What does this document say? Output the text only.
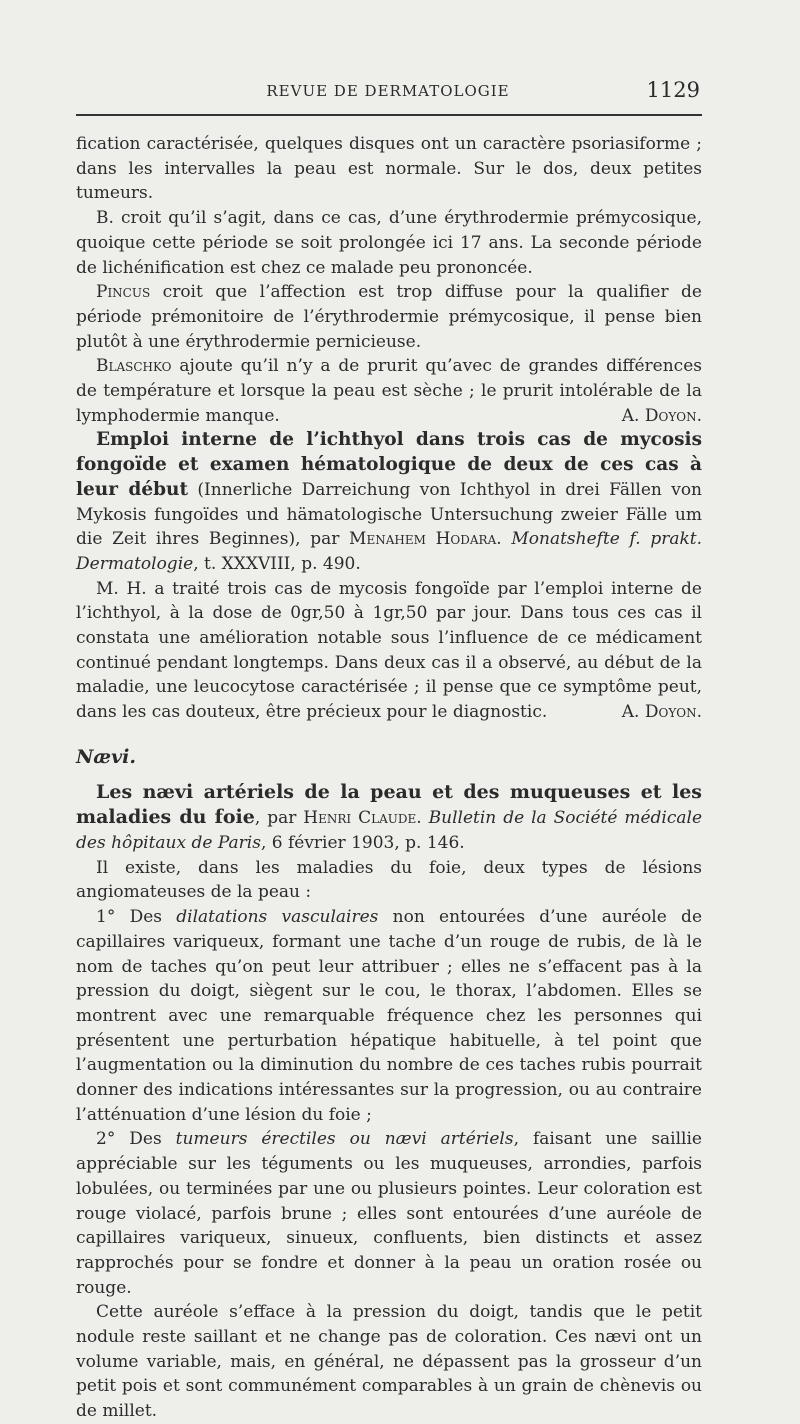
REVUE DE DERMATOLOGIE	1129

fication caractérisée, quelques disques ont un caractère psoriasiforme ; dans les intervalles la peau est normale. Sur le dos, deux petites tumeurs.

B. croit qu’il s’agit, dans ce cas, d’une érythrodermie prémycosique, quoique cette période se soit prolongée ici 17 ans. La seconde période de lichénification est chez ce malade peu prononcée.

Pincus croit que l’affection est trop diffuse pour la qualifier de période prémonitoire de l’érythrodermie prémycosique, il pense bien plutôt à une érythrodermie pernicieuse.

Blaschko ajoute qu’il n’y a de prurit qu’avec de grandes différences de température et lorsque la peau est sèche ; le prurit intolérable de la lymphodermie manque.	A. Doyon.

Emploi interne de l’ichthyol dans trois cas de mycosis fongoïde et examen hématologique de deux de ces cas à leur début (Innerliche Darreichung von Ichthyol in drei Fällen von Mykosis fungoïdes und hämatologische Untersuchung zweier Fälle um die Zeit ihres Beginnes), par Menahem Hodara. Monatshefte f. prakt. Dermatologie, t. XXXVIII, p. 490.

M. H. a traité trois cas de mycosis fongoïde par l’emploi interne de l’ichthyol, à la dose de 0gr,50 à 1gr,50 par jour. Dans tous ces cas il constata une amélioration notable sous l’influence de ce médicament continué pendant longtemps. Dans deux cas il a observé, au début de la maladie, une leucocytose caractérisée ; il pense que ce symptôme peut, dans les cas douteux, être précieux pour le diagnostic.	A. Doyon.

Nævi.

Les nævi artériels de la peau et des muqueuses et les maladies du foie, par Henri Claude. Bulletin de la Société médicale des hôpitaux de Paris, 6 février 1903, p. 146.

Il existe, dans les maladies du foie, deux types de lésions angiomateuses de la peau :

1° Des dilatations vasculaires non entourées d’une auréole de capillaires variqueux, formant une tache d’un rouge de rubis, de là le nom de taches qu’on peut leur attribuer ; elles ne s’effacent pas à la pression du doigt, siègent sur le cou, le thorax, l’abdomen. Elles se montrent avec une remarquable fréquence chez les personnes qui présentent une perturbation hépatique habituelle, à tel point que l’augmentation ou la diminution du nombre de ces taches rubis pourrait donner des indications intéressantes sur la progression, ou au contraire l’atténuation d’une lésion du foie ;

2° Des tumeurs érectiles ou nævi artériels, faisant une saillie appréciable sur les téguments ou les muqueuses, arrondies, parfois lobulées, ou terminées par une ou plusieurs pointes. Leur coloration est rouge violacé, parfois brune ; elles sont entourées d’une auréole de capillaires variqueux, sinueux, confluents, bien distincts et assez rapprochés pour se fondre et donner à la peau un oration rosée ou rouge.

Cette auréole s’efface à la pression du doigt, tandis que le petit nodule reste saillant et ne change pas de coloration. Ces nævi ont un volume variable, mais, en général, ne dépassent pas la grosseur d’un petit pois et sont communément comparables à un grain de chènevis ou de millet.
